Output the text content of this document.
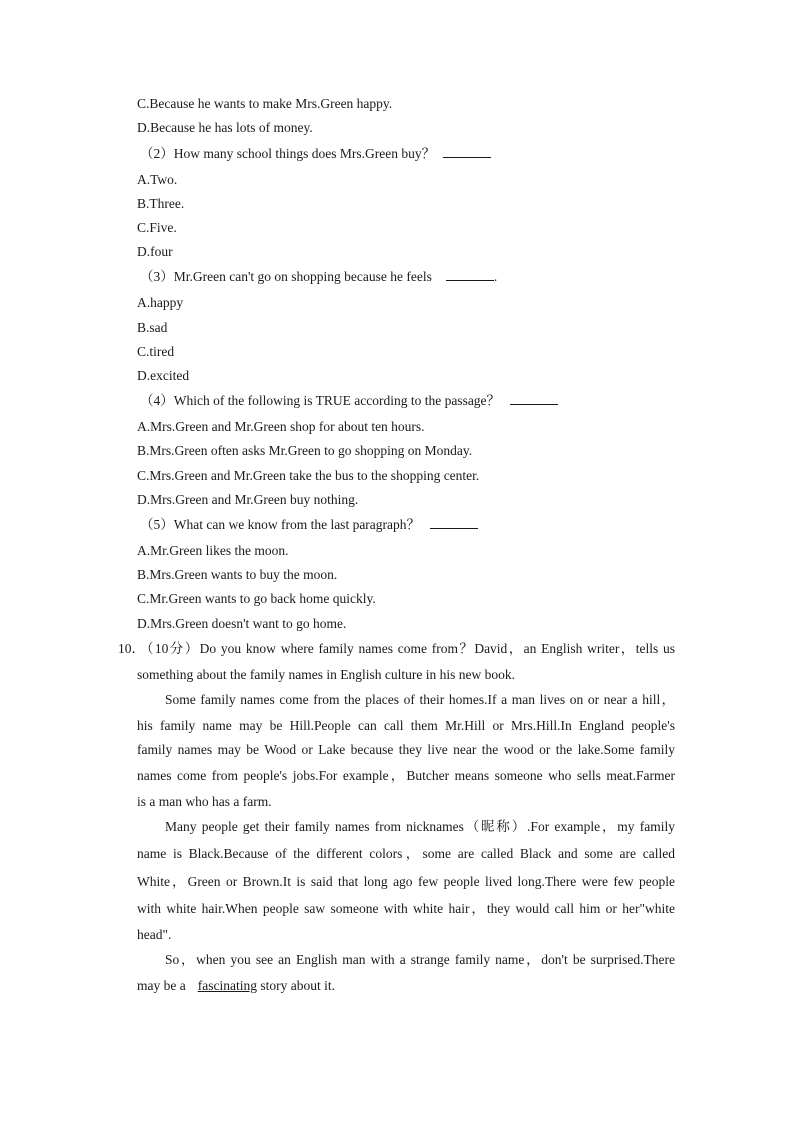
C.Because he wants to make Mrs.Green happy.
D.Because he has lots of money.
（2）How many school things does Mrs.Green buy？
A.Two.
B.Three.
C.Five.
D.four
（3）Mr.Green can't go on shopping because he feels	.
A.happy
B.sad
C.tired
D.excited
（4）Which of the following is TRUE according to the passage？
A.Mrs.Green and Mr.Green shop for about ten hours.
B.Mrs.Green often asks Mr.Green to go shopping on Monday.
C.Mrs.Green and Mr.Green take the bus to the shopping center.
D.Mrs.Green and Mr.Green buy nothing.
（5）What can we know from the last paragraph？
A.Mr.Green likes the moon.
B.Mrs.Green wants to buy the moon.
C.Mr.Green wants to go back home quickly.
D.Mrs.Green doesn't want to go home.
10．
（10分）Do you know where family names come from？David，an English writer，tells us
something about the family names in English culture in his new book.
Some family names come from the places of their homes.If a man lives on or near a hill，
his family name may be Hill.People can call them Mr.Hill or Mrs.Hill.In England people's
family names may be Wood or Lake because they live near the wood or the lake.Some family
names come from people's jobs.For example，Butcher means someone who sells meat.Farmer
is a man who has a farm.
Many people get their family names from nicknames（昵称）.For example，my family
name is Black.Because of the different colors，some are called Black and some are called
White，Green or Brown.It is said that long ago few people lived long.There were few people
with white hair.When people saw someone with white hair，they would call him or her"white
head".
So，when you see an English man with a strange family name，don't be surprised.There
may be a fascinating story about it.
